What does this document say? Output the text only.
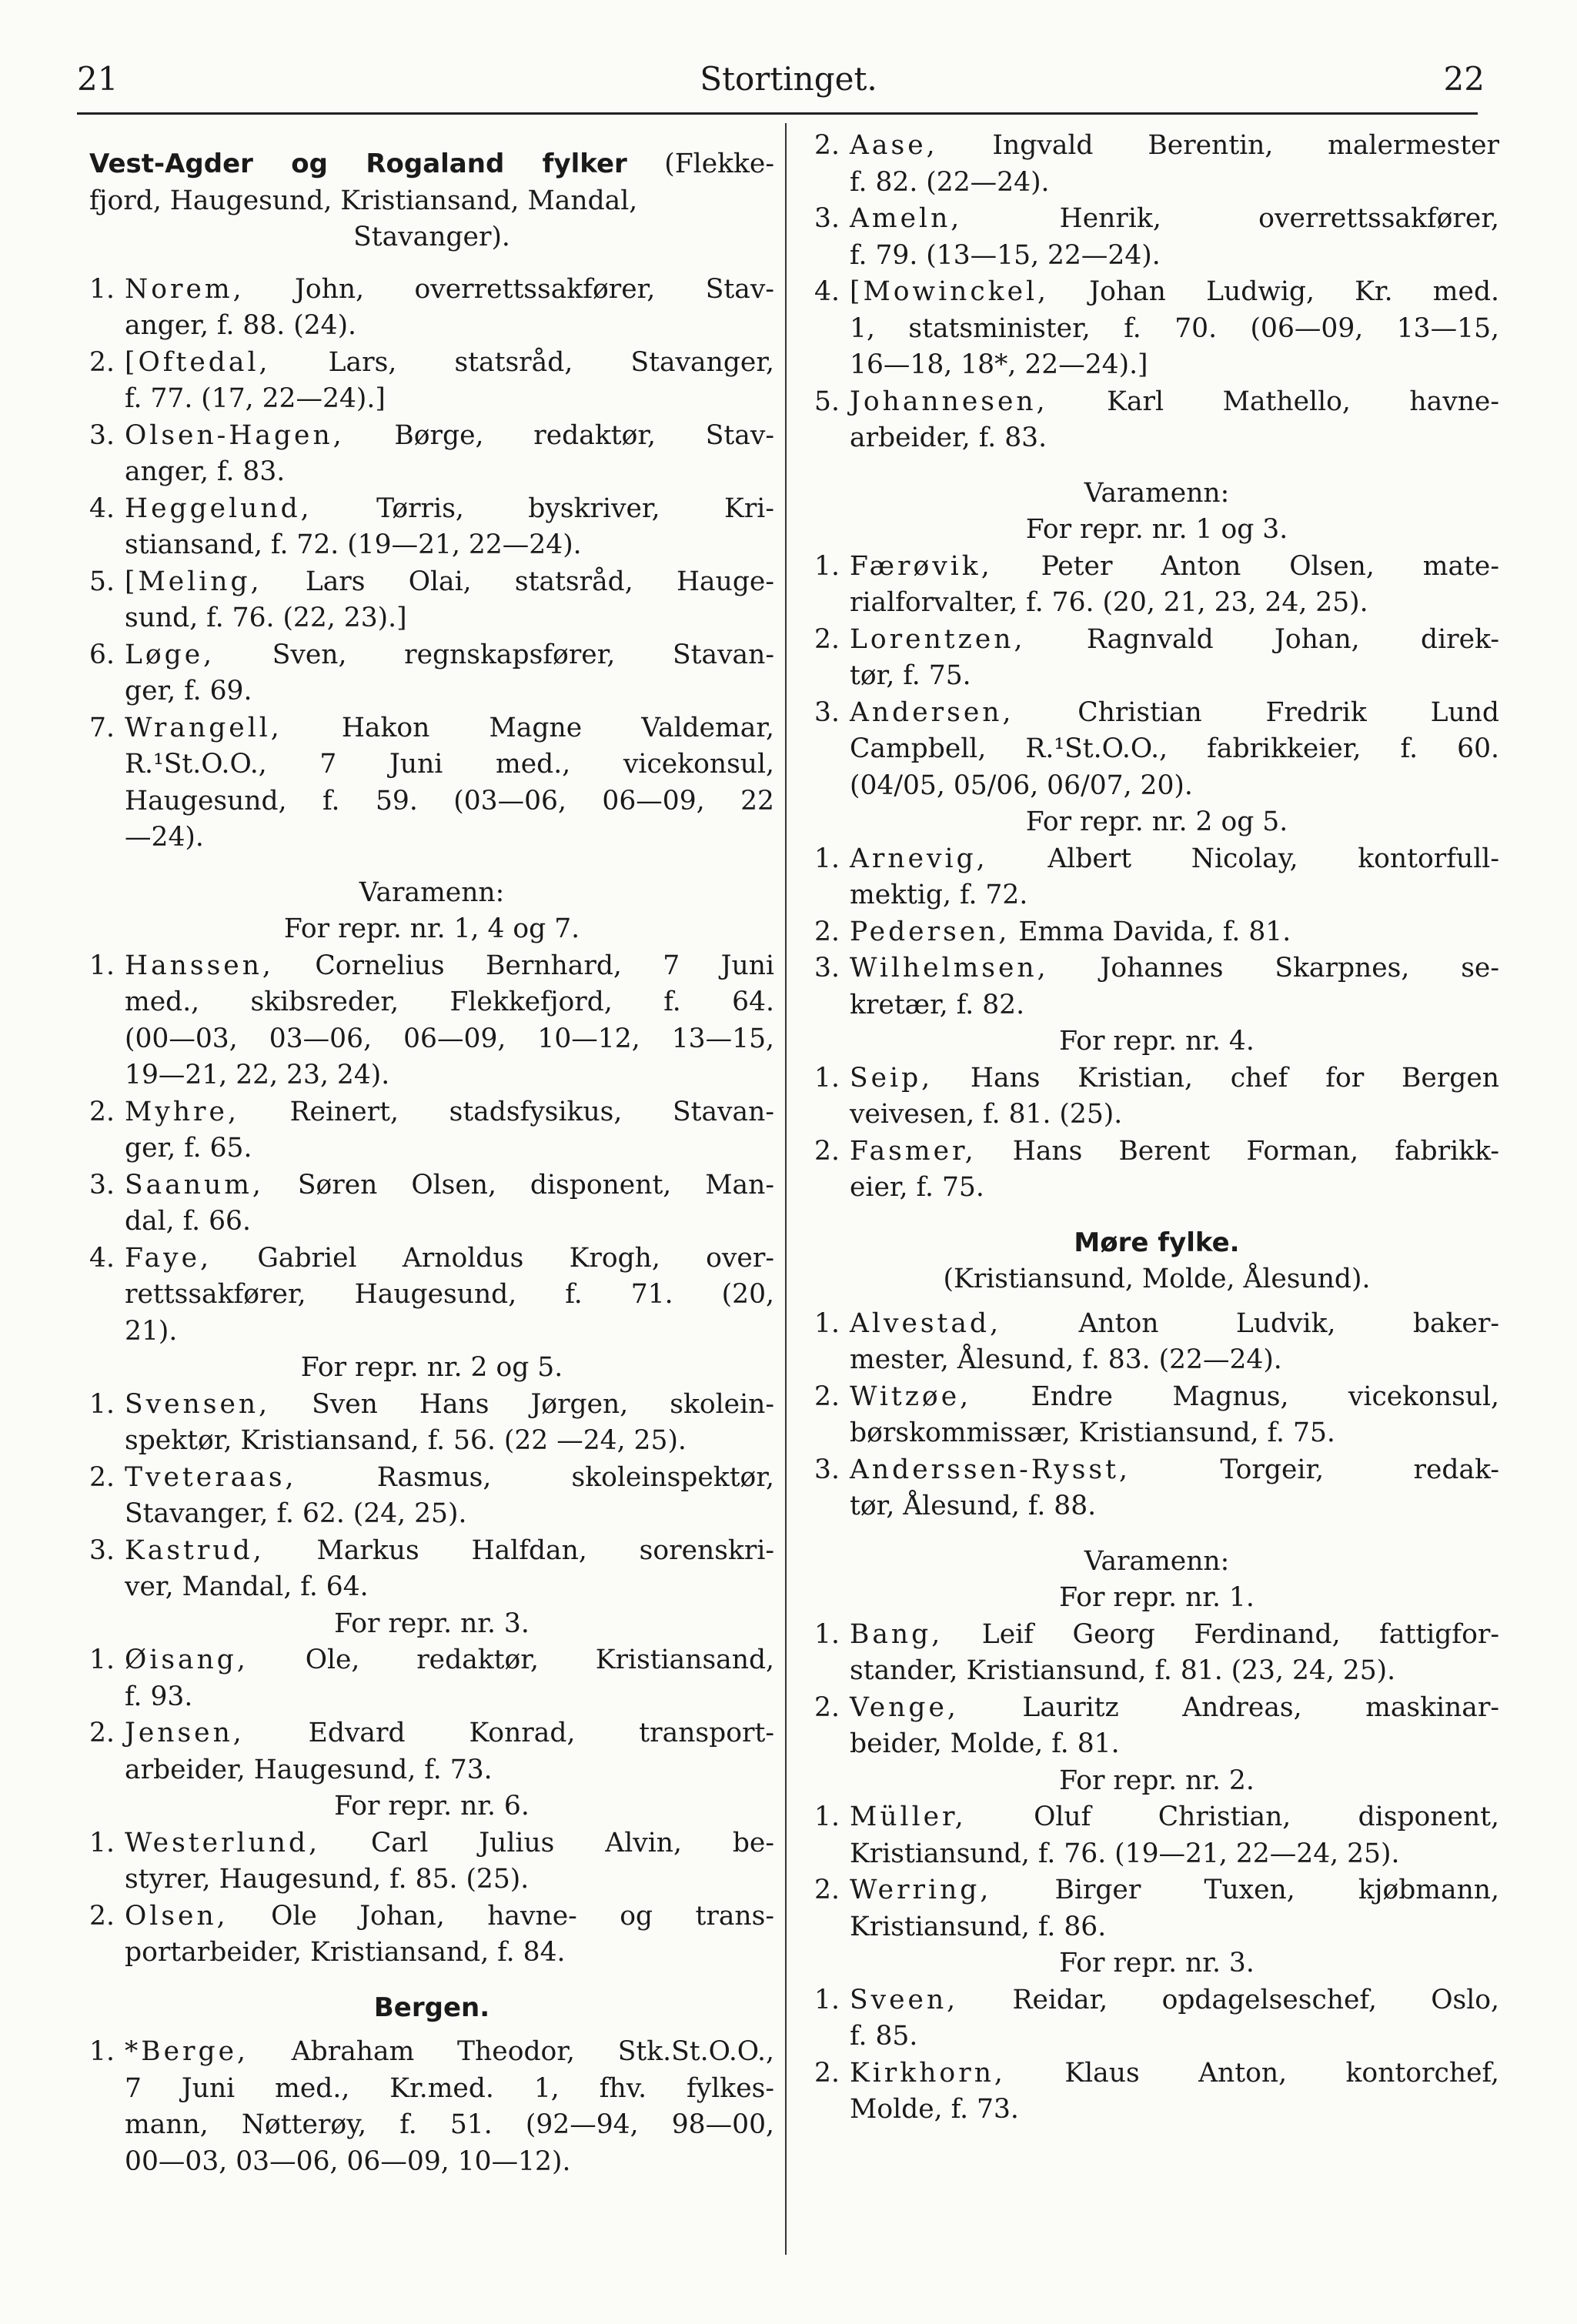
21	Stortinget.	22
Vest-Agder og Rogaland fylker (Flekke-
fjord, Haugesund, Kristiansand, Mandal,
Stavanger).
1. Norem, John, overrettssakfører, Stav-
anger, f. 88. (24).
2. [Oftedal, Lars, statsråd, Stavanger,
f. 77. (17, 22—24).]
3. Olsen-Hagen, Børge, redaktør, Stav-
anger, f. 83.
4. Heggelund, Tørris, byskriver, Kri-
stiansand, f. 72. (19—21, 22—24).
5. [Meling, Lars Olai, statsråd, Hauge-
sund, f. 76. (22, 23).]
6. Løge, Sven, regnskapsfører, Stavan-
ger, f. 69.
7. Wrangell, Hakon Magne Valdemar,
R.¹St.O.O., 7 Juni med., vicekonsul,
Haugesund, f. 59. (03—06, 06—09, 22
—24).
Varamenn:
For repr. nr. 1, 4 og 7.
1. Hanssen, Cornelius Bernhard, 7 Juni
med., skibsreder, Flekkefjord, f. 64.
(00—03, 03—06, 06—09, 10—12, 13—15,
19—21, 22, 23, 24).
2. Myhre, Reinert, stadsfysikus, Stavan-
ger, f. 65.
3. Saanum, Søren Olsen, disponent, Man-
dal, f. 66.
4. Faye, Gabriel Arnoldus Krogh, over-
rettssakfører, Haugesund, f. 71. (20,
21).
For repr. nr. 2 og 5.
1. Svensen, Sven Hans Jørgen, skolein-
spektør, Kristiansand, f. 56. (22 —24, 25).
2. Tveteraas,	Rasmus, skoleinspektør,
Stavanger, f. 62. (24, 25).
3. Kastrud, Markus Halfdan, sorenskri-
ver, Mandal, f. 64.
For repr. nr. 3.
1. Øisang, Ole, redaktør, Kristiansand,
f. 93.
2. Jensen, Edvard Konrad, transport-
arbeider, Haugesund, f. 73.
For repr. nr. 6.
1. Westerlund, Carl Julius Alvin, be-
styrer, Haugesund, f. 85. (25).
2. Olsen, Ole Johan, havne- og trans-
portarbeider, Kristiansand, f. 84.
Bergen.
1. *Berge, Abraham Theodor, Stk.St.O.O.,
7 Juni med., Kr.med. 1, fhv. fylkes-
mann, Nøtterøy, f. 51. (92—94, 98—00,
00—03, 03—06, 06—09, 10—12).
2. Aase, Ingvald Berentin, malermester
f. 82. (22—24).
3. Ameln,	Henrik, overrettssakfører,
f. 79. (13—15, 22—24).
4. [Mowinckel, Johan Ludwig, Kr. med.
1, statsminister, f. 70. (06—09, 13—15,
16—18, 18*, 22—24).]
5. Johannesen, Karl Mathello, havne-
arbeider, f. 83.
Varamenn:
For repr. nr. 1 og 3.
1. Færøvik, Peter Anton Olsen, mate-
rialforvalter, f. 76. (20, 21, 23, 24, 25).
2. Lorentzen, Ragnvald Johan, direk-
tør, f. 75.
3. Andersen, Christian Fredrik Lund
Campbell, R.¹St.O.O., fabrikkeier, f. 60.
(04/05, 05/06, 06/07, 20).
For repr. nr. 2 og 5.
1. Arnevig, Albert Nicolay, kontorfull-
mektig, f. 72.
2. Pedersen, Emma Davida, f. 81.
3. Wilhelmsen, Johannes Skarpnes, se-
kretær, f. 82.
For repr. nr. 4.
1. Seip, Hans Kristian, chef for Bergen
veivesen, f. 81. (25).
2. Fasmer, Hans Berent Forman, fabrikk-
eier, f. 75.
Møre fylke.
(Kristiansund, Molde, Ålesund).
1. Alvestad,	Anton Ludvik, baker-
mester, Ålesund, f. 83. (22—24).
2. Witzøe, Endre Magnus, vicekonsul,
børskommissær, Kristiansund, f. 75.
3. Anderssen-Rysst,	Torgeir, redak-
tør, Ålesund, f. 88.
Varamenn:
For repr. nr. 1.
1. Bang, Leif Georg Ferdinand, fattigfor-
stander, Kristiansund, f. 81. (23, 24, 25).
2. Venge, Lauritz Andreas, maskinar-
beider, Molde, f. 81.
For repr. nr. 2.
1. Müller,	Oluf Christian, disponent,
Kristiansund, f. 76. (19—21, 22—24, 25).
2. Werring, Birger Tuxen, kjøbmann,
Kristiansund, f. 86.
For repr. nr. 3.
1. Sveen, Reidar, opdagelseschef, Oslo,
f. 85.
2. Kirkhorn, Klaus Anton, kontorchef,
Molde, f. 73.
